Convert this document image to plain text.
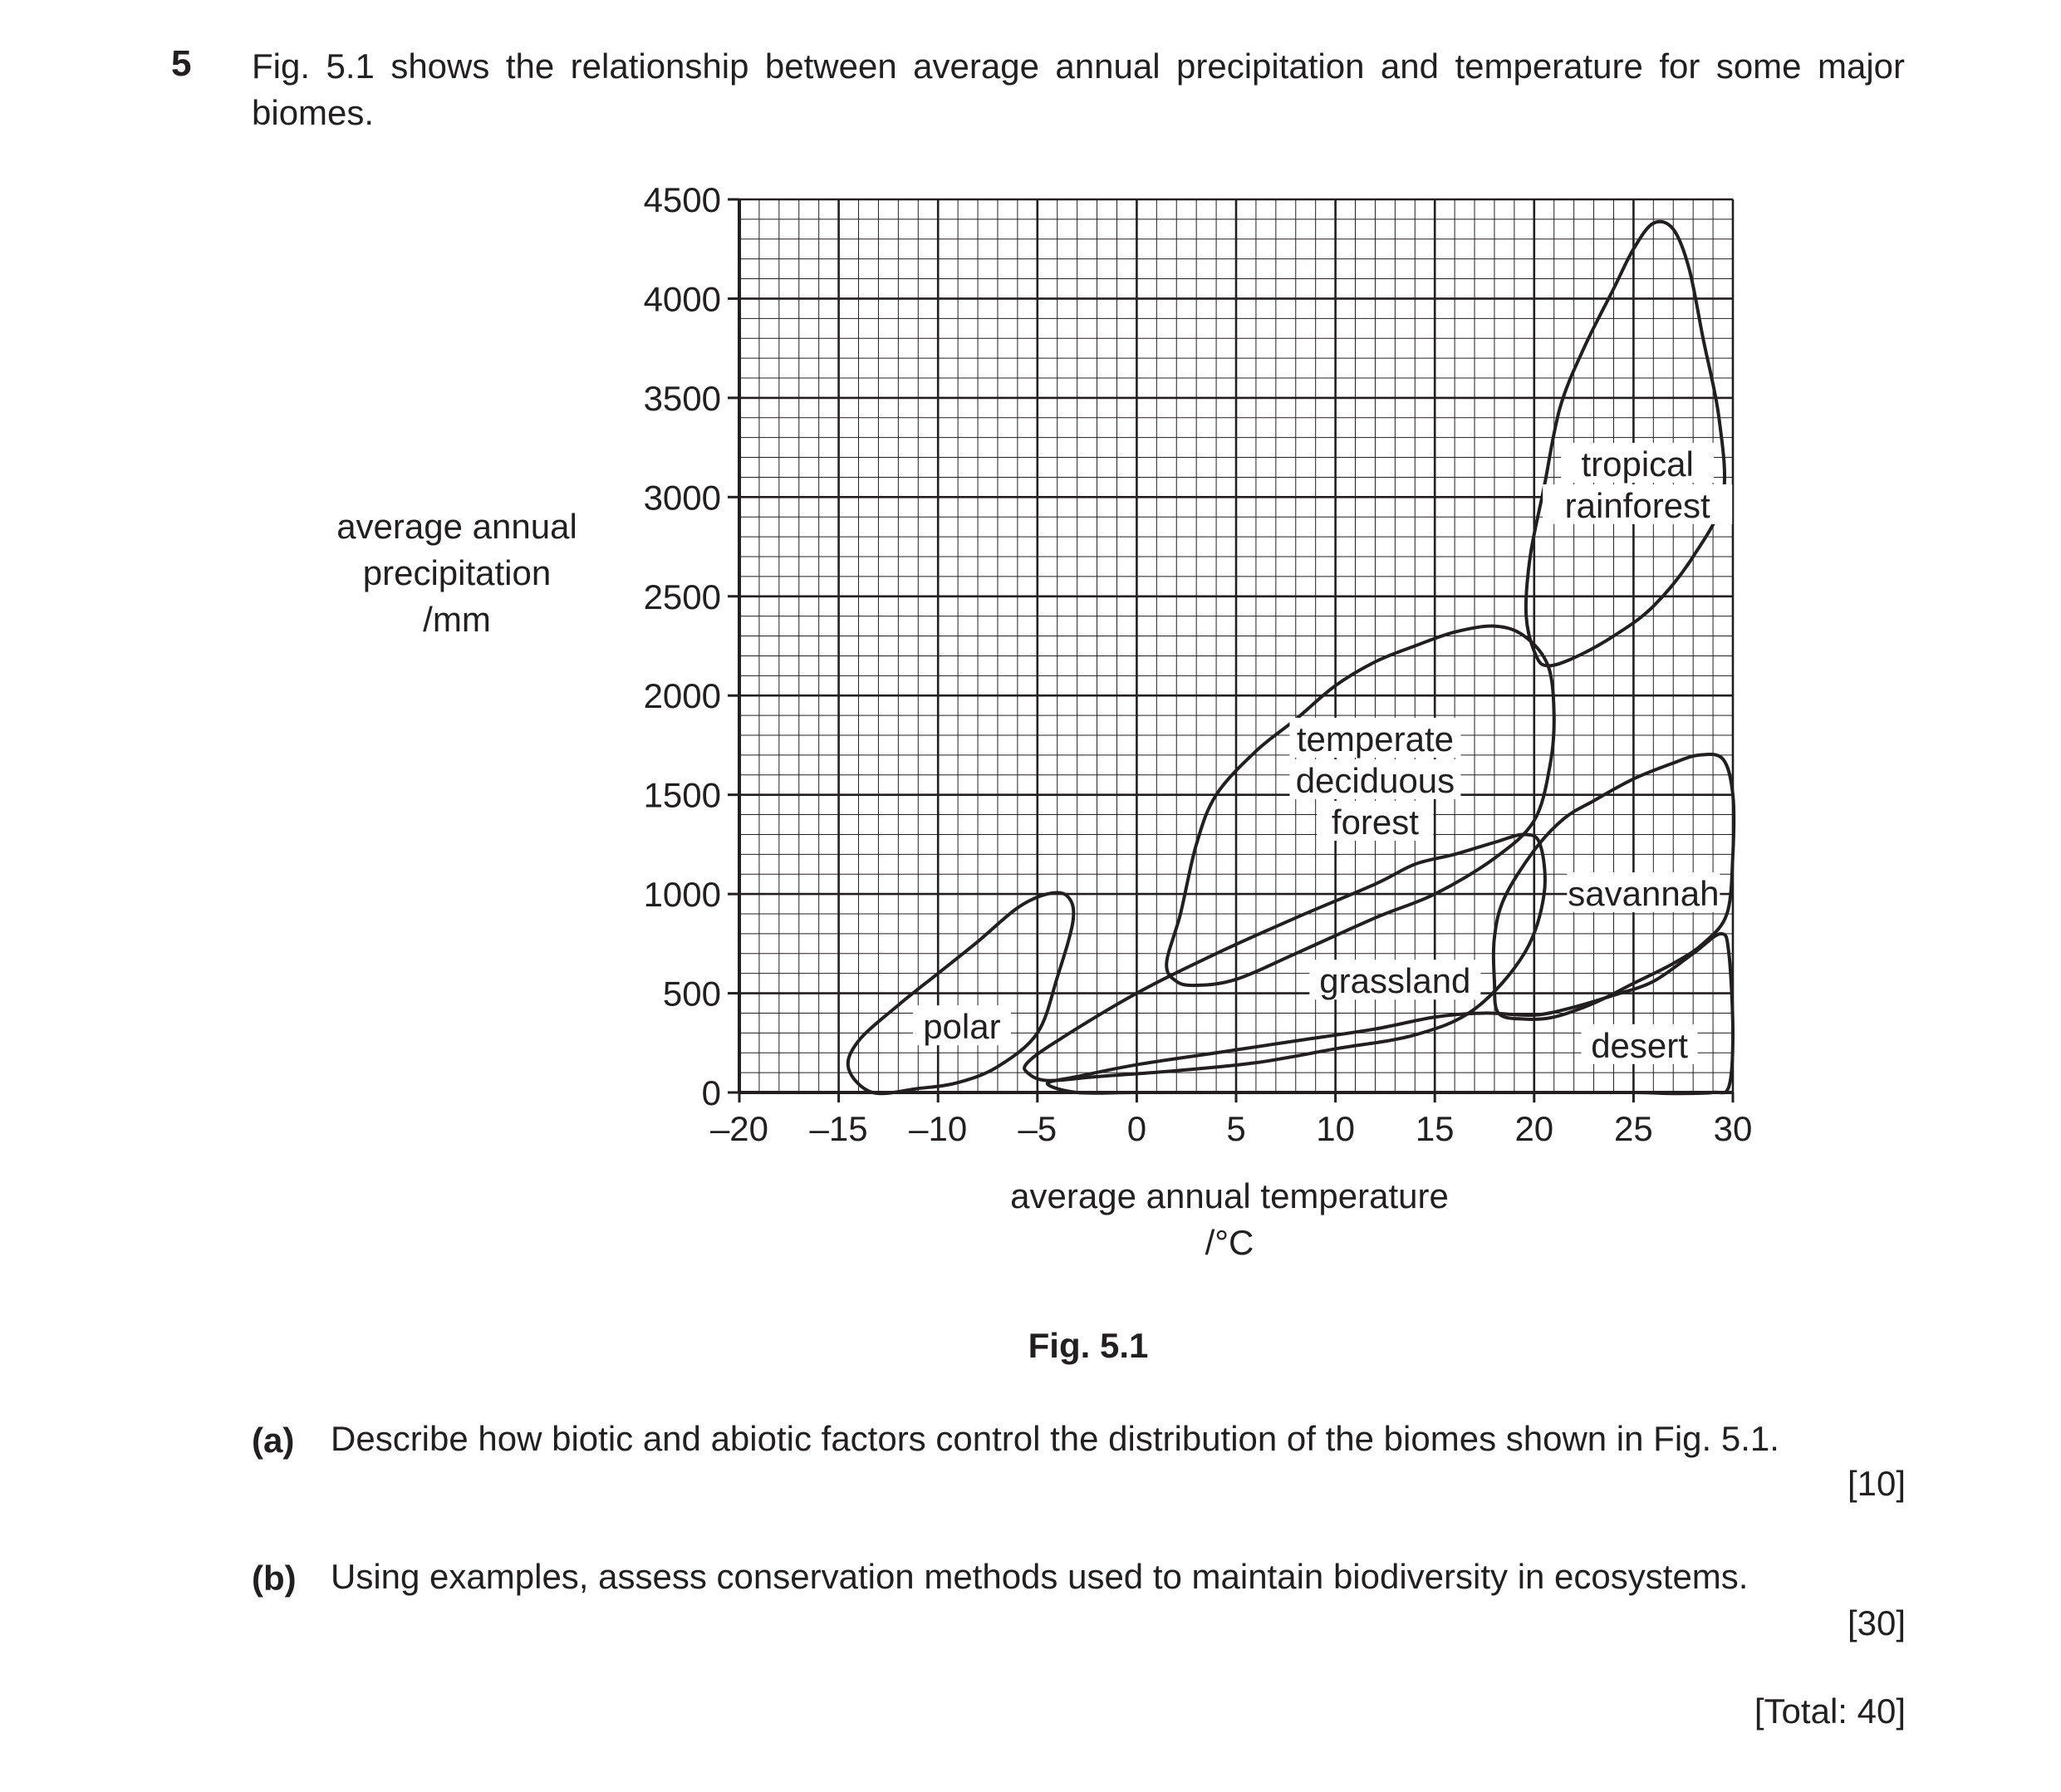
5 Fig. 5.1 shows the relationship between average annual precipitation and temperature for some major biomes.
average annual
precipitation
/mm
–20 –15 –10 –5 0 5 10 15 20 25 30
0
500
1000
1500
2000
2500
3000
3500
4000
4500
tropical
rainforest
temperate
deciduous
forest
savannah
grassland
desert
polar
average annual temperature
/°C
Fig. 5.1
(a) Describe how biotic and abiotic factors control the distribution of the biomes shown in Fig. 5.1.
[10]
(b) Using examples, assess conservation methods used to maintain biodiversity in ecosystems.
[30]
[Total: 40]
